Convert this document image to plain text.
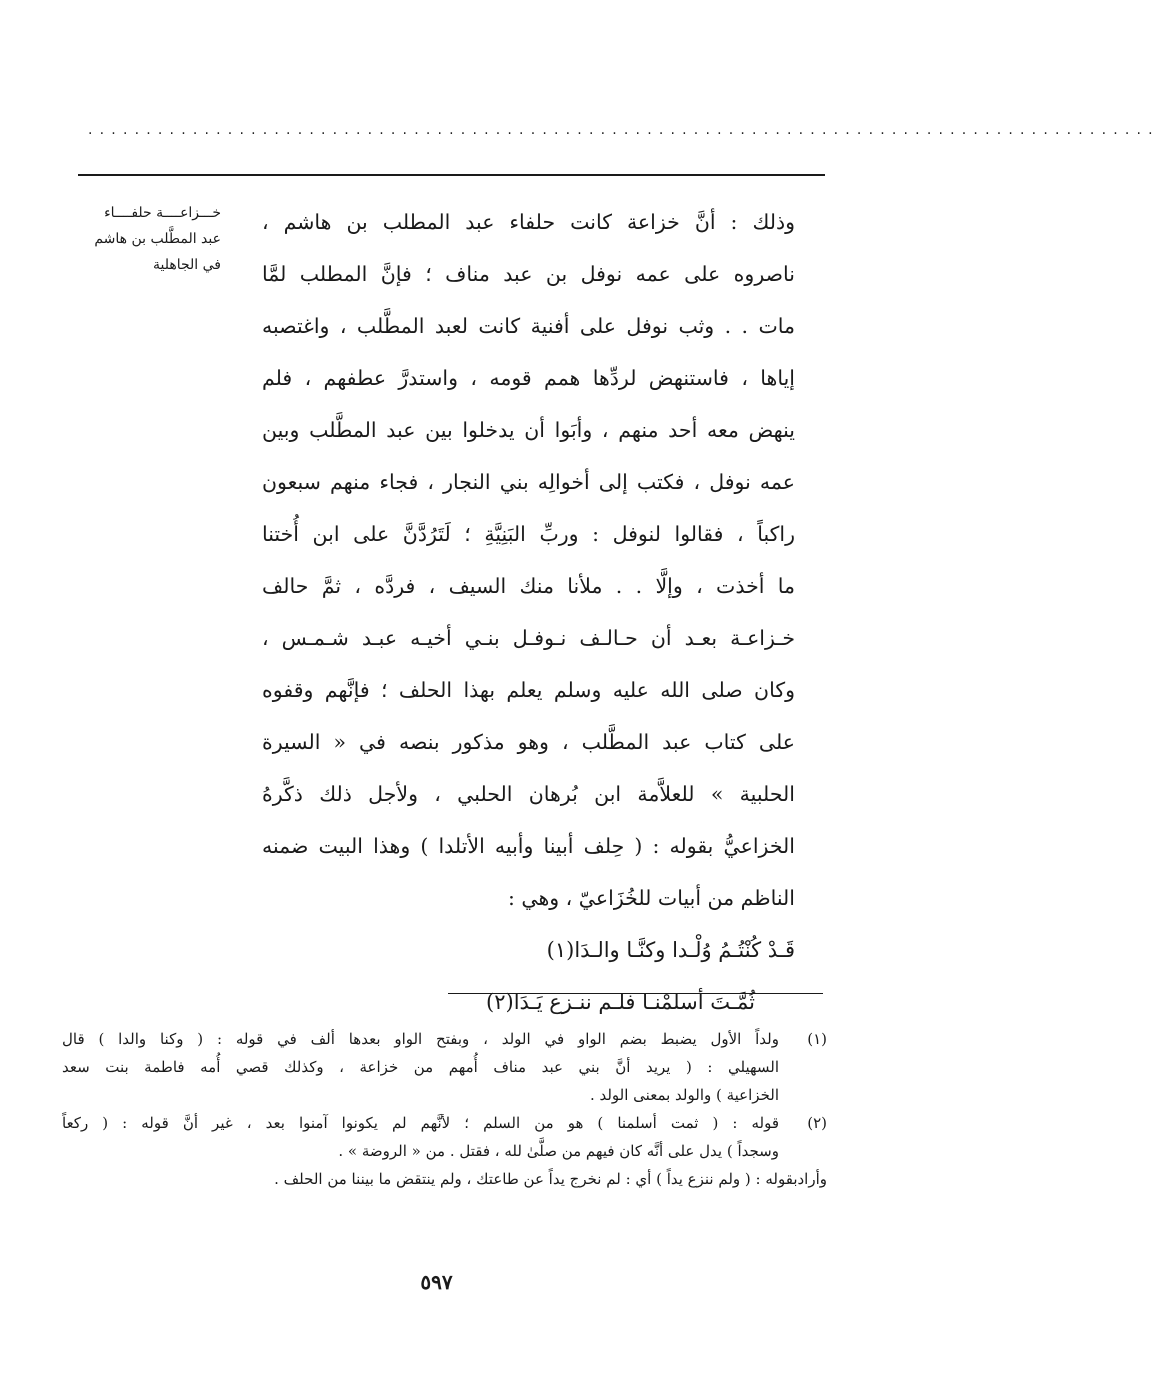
............................................................................................
خـــزاعــــة حلفــــاء
عبد المطَّلب بن هاشم
في الجاهلية
وذلك : أنَّ خزاعة كانت حلفاء عبد المطلب بن هاشم ،
ناصروه على عمه نوفل بن عبد مناف ؛ فإنَّ المطلب لمَّا
مات . . وثب نوفل على أفنية كانت لعبد المطَّلب ، واغتصبه
إياها ، فاستنهض لردِّها همم قومه ، واستدرَّ عطفهم ، فلم
ينهض معه أحد منهم ، وأبَوا أن يدخلوا بين عبد المطَّلب وبين
عمه نوفل ، فكتب إلى أخوالِه بني النجار ، فجاء منهم سبعون
راكباً ، فقالوا لنوفل : وربِّ البَنِيَّةِ ؛ لَتَرُدَّنَّ على ابن أُختنا
ما أخذت ، وإلَّا . . ملأنا منك السيف ، فردَّه ، ثمَّ حالف
خـزاعـة بعـد أن حـالـف نـوفـل بنـي أخيـه عبـد شـمـس ،
وكان صلى الله عليه وسلم يعلم بهذا الحلف ؛ فإنَّهم وقفوه
على كتاب عبد المطَّلب ، وهو مذكور بنصه في « السيرة
الحلبية » للعلاَّمة ابن بُرهان الحلبي ، ولأجل ذلك ذكَّرهُ
الخزاعيُّ بقوله : ( حِلف أبينا وأبيه الأتلدا ) وهذا البيت ضمنه
الناظم من أبيات للخُزَاعيّ ، وهي :
قَـدْ كُنْتُـمُ وُلْـدا وكنَّـا والـدَا(١)
ثُمَّـتَ أسلمْنـا فلـم ننـزع يَـدَا(٢)
(١)
ولداً الأول يضبط بضم الواو في الولد ، وبفتح الواو بعدها ألف في قوله : ( وكنا والدا ) قال
السهيلي : ( يريد أنَّ بني عبد مناف أُمهم من خزاعة ، وكذلك قصي أُمه فاطمة بنت سعد
الخزاعية ) والولد بمعنى الولد .
(٢)
قوله : ( ثمت أسلمنا ) هو من السلم ؛ لأنَّهم لم يكونوا آمنوا بعد ، غير أنَّ قوله : ( ركعاً
وسجداً ) يدل على أنَّه كان فيهم من صلَّىٰ لله ، فقتل . من « الروضة » .
وأرادبقوله : ( ولم ننزع يداً ) أي : لم نخرج يداً عن طاعتك ، ولم ينتقض ما بيننا من الحلف .
٥٩٧
